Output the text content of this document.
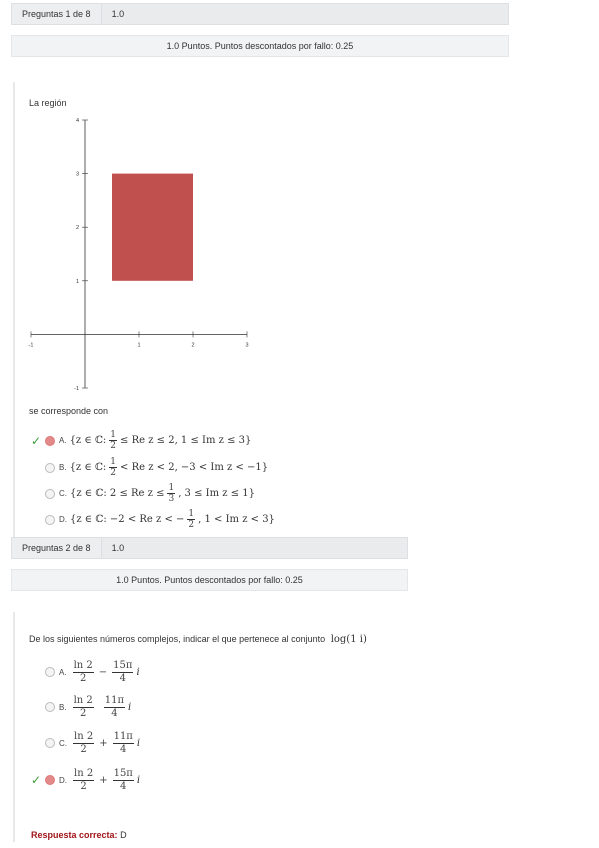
Preguntas 1 de 8	1.0
1.0 Puntos. Puntos descontados por fallo: 0.25
La región
-1	1	2	3
-1
1
2
3
4
se corresponde con
✓	A. {z ∈ ℂ: $\frac{1}{2} \le Re$ z ≤ 2, 1 ≤ Im z ≤ 3}
B. {z ∈ ℂ: $\frac{1}{2} < Re$ z < 2, −3 < Im z < −1}
C. {z ∈ ℂ: 2 ≤ Re $z \le \frac{1}{3}$ , 3 ≤ Im z ≤ 1}
D. {z ∈ ℂ: −2 < Re z < − $\frac{1}{2}$ , 1 < Im z < 3}
Preguntas 2 de 8	1.0
1.0 Puntos. Puntos descontados por fallo: 0.25
De los siguientes números complejos, indicar el que pertenece al conjunto log(1 i)
A. $\frac{\ln 2}{2} - \frac{15\pi}{4}$ i
B. $\frac{\ln 2}{2} \frac{11\pi}{4}$ i
C. $\frac{\ln 2}{2} + \frac{11\pi}{4}$ i
✓	D. $\frac{\ln 2}{2} + \frac{15\pi}{4}$ i
Respuesta correcta: D
